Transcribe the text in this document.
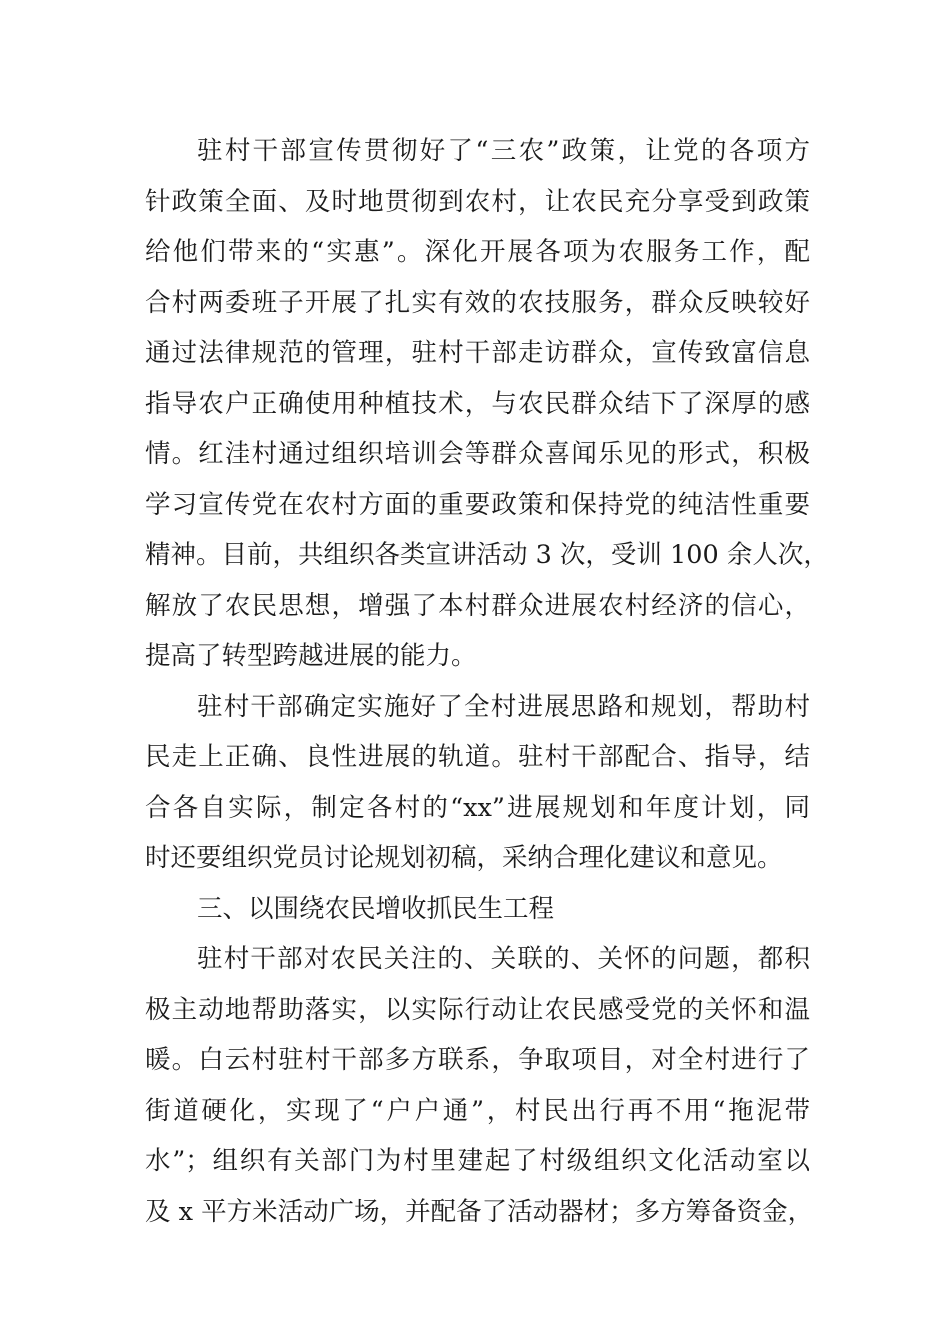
驻村干部宣传贯彻好了“三农”政策，让党的各项方
针政策全面、及时地贯彻到农村，让农民充分享受到政策
给他们带来的“实惠”。深化开展各项为农服务工作，配
合村两委班子开展了扎实有效的农技服务，群众反映较好
通过法律规范的管理，驻村干部走访群众，宣传致富信息
指导农户正确使用种植技术，与农民群众结下了深厚的感
情。红洼村通过组织培训会等群众喜闻乐见的形式，积极
学习宣传党在农村方面的重要政策和保持党的纯洁性重要
精神。目前，共组织各类宣讲活动 3 次，受训 100 余人次，
解放了农民思想，增强了本村群众进展农村经济的信心，
提高了转型跨越进展的能力。
驻村干部确定实施好了全村进展思路和规划，帮助村
民走上正确、良性进展的轨道。驻村干部配合、指导，结
合各自实际，制定各村的“xx”进展规划和年度计划，同
时还要组织党员讨论规划初稿，采纳合理化建议和意见。
三、以围绕农民增收抓民生工程
驻村干部对农民关注的、关联的、关怀的问题，都积
极主动地帮助落实，以实际行动让农民感受党的关怀和温
暖。白云村驻村干部多方联系，争取项目，对全村进行了
街道硬化，实现了“户户通”，村民出行再不用“拖泥带
水”；组织有关部门为村里建起了村级组织文化活动室以
及 x 平方米活动广场，并配备了活动器材；多方筹备资金，
